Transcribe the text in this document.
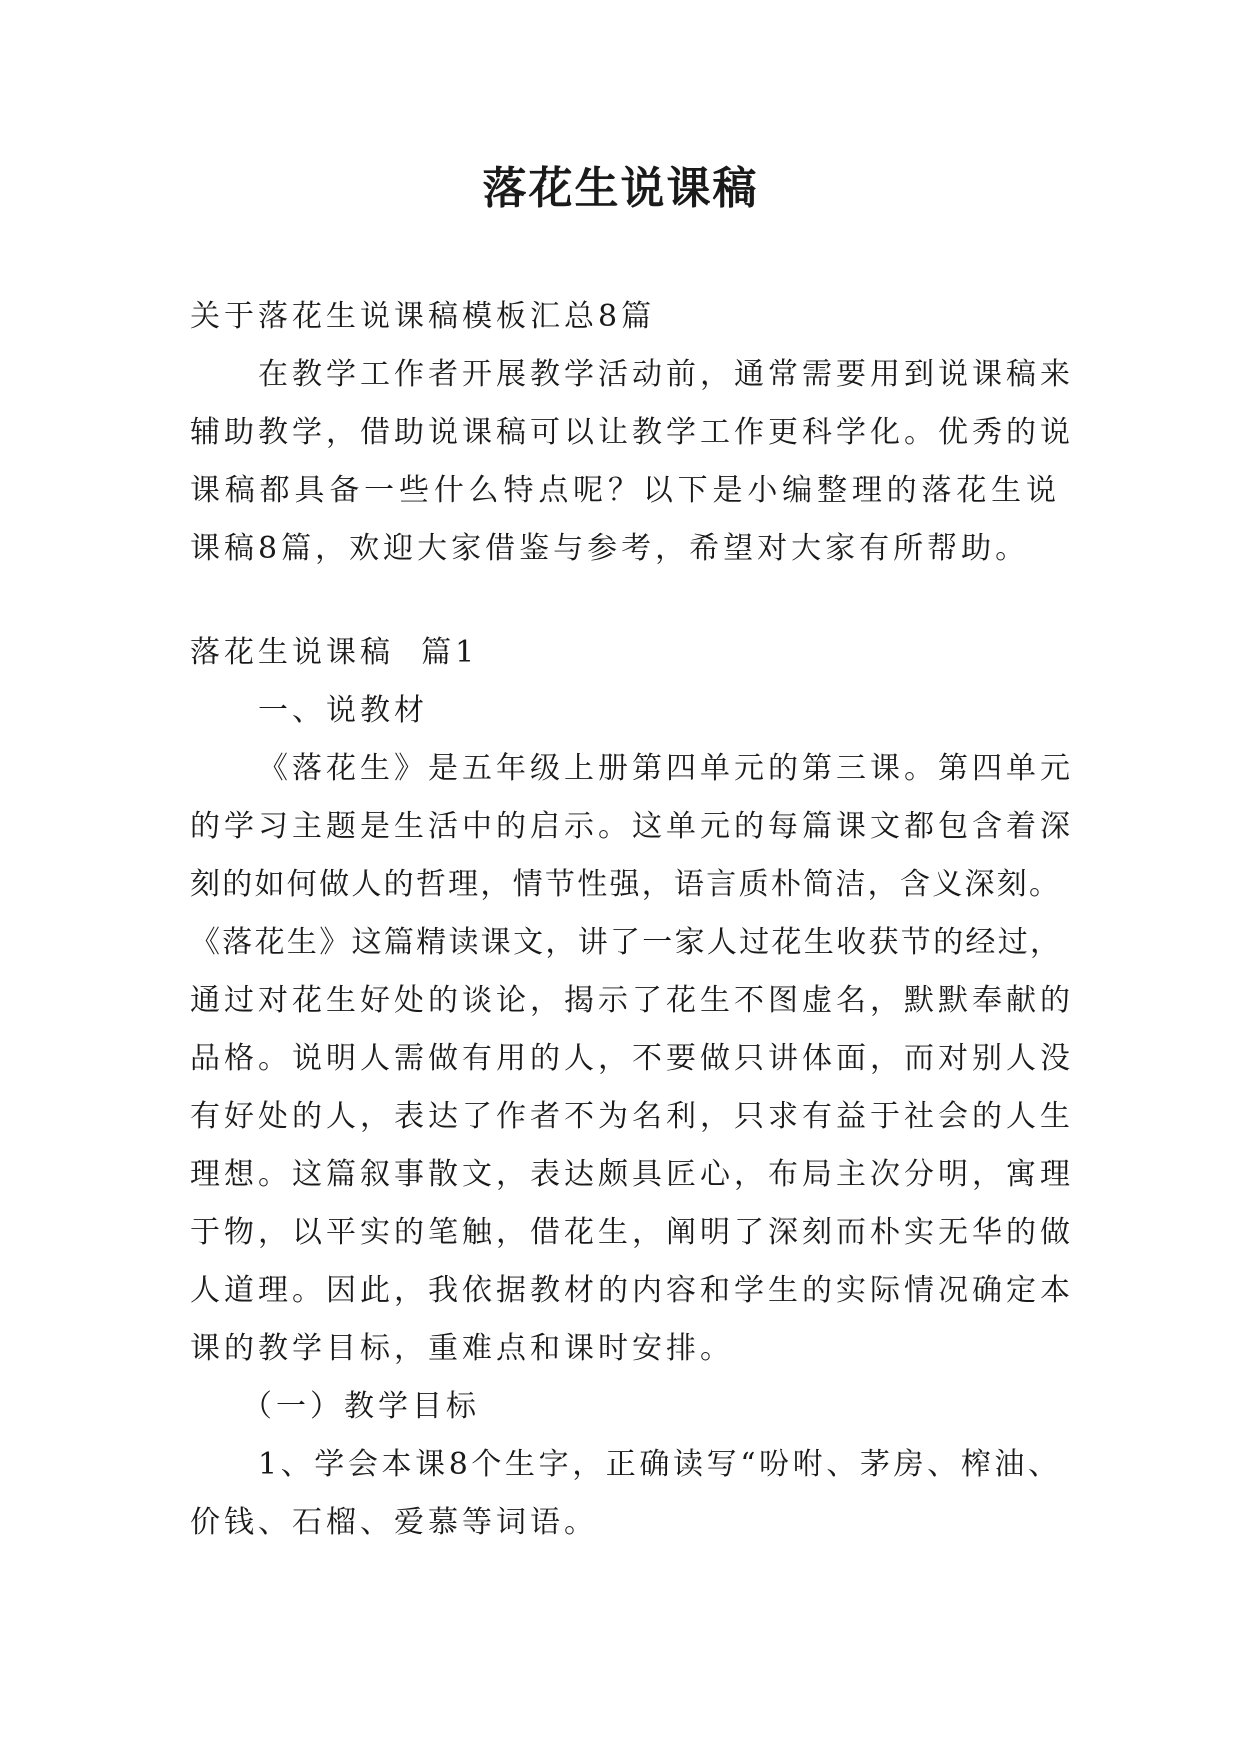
落花生说课稿
关于落花生说课稿模板汇总8篇
在教学工作者开展教学活动前，通常需要用到说课稿来
辅助教学，借助说课稿可以让教学工作更科学化。优秀的说
课稿都具备一些什么特点呢？以下是小编整理的落花生说
课稿8篇，欢迎大家借鉴与参考，希望对大家有所帮助。
落花生说课稿  篇1
一、说教材
《落花生》是五年级上册第四单元的第三课。第四单元
的学习主题是生活中的启示。这单元的每篇课文都包含着深
刻的如何做人的哲理，情节性强，语言质朴简洁，含义深刻。
《落花生》这篇精读课文，讲了一家人过花生收获节的经过，
通过对花生好处的谈论，揭示了花生不图虚名，默默奉献的
品格。说明人需做有用的人，不要做只讲体面，而对别人没
有好处的人，表达了作者不为名利，只求有益于社会的人生
理想。这篇叙事散文，表达颇具匠心，布局主次分明，寓理
于物，以平实的笔触，借花生，阐明了深刻而朴实无华的做
人道理。因此，我依据教材的内容和学生的实际情况确定本
课的教学目标，重难点和课时安排。
（一）教学目标
1、学会本课8个生字，正确读写“吩咐、茅房、榨油、
价钱、石榴、爱慕等词语。
